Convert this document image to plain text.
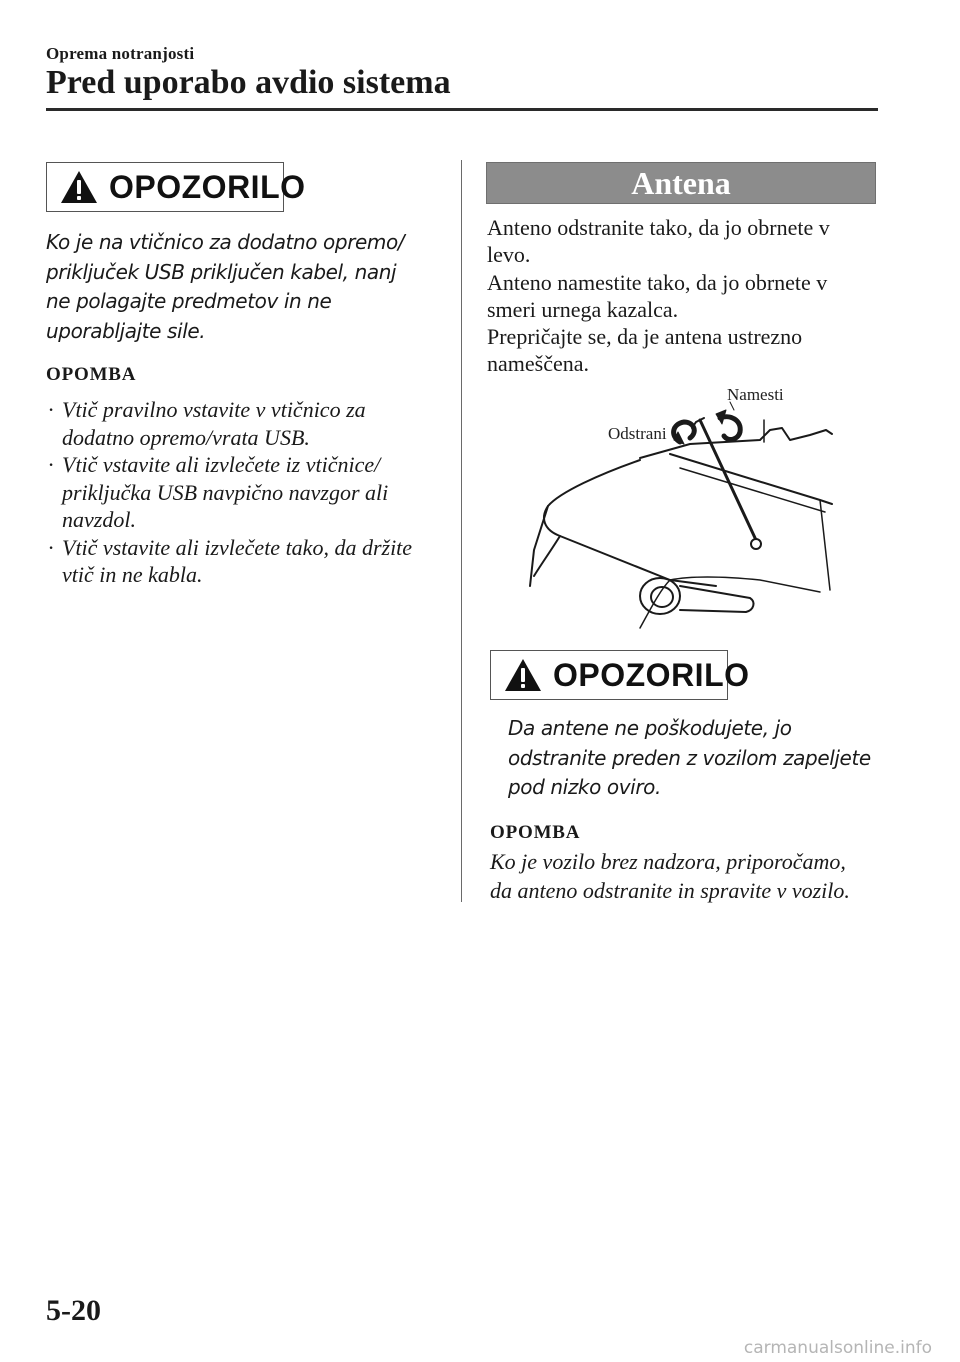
Oprema notranjosti
Pred uporabo avdio sistema
OPOZORILO
Ko je na vtičnico za dodatno opremo/ priključek USB priključen kabel, nanj ne polagajte predmetov in ne uporabljajte sile.
OPOMBA
· Vtič pravilno vstavite v vtičnico za dodatno opremo/vrata USB.
· Vtič vstavite ali izvlečete iz vtičnice/ priključka USB navpično navzgor ali navzdol.
· Vtič vstavite ali izvlečete tako, da držite vtič in ne kabla.
Antena

Anteno odstranite tako, da jo obrnete v levo.

Anteno namestite tako, da jo obrnete v smeri urnega kazalca.

Prepričajte se, da je antena ustrezno nameščena.

Namesti
Odstrani
OPOZORILO
Da antene ne poškodujete, jo odstranite preden z vozilom zapeljete pod nizko oviro.
OPOMBA
Ko je vozilo brez nadzora, priporočamo, da anteno odstranite in spravite v vozilo.
5-20
carmanualsonline.info
